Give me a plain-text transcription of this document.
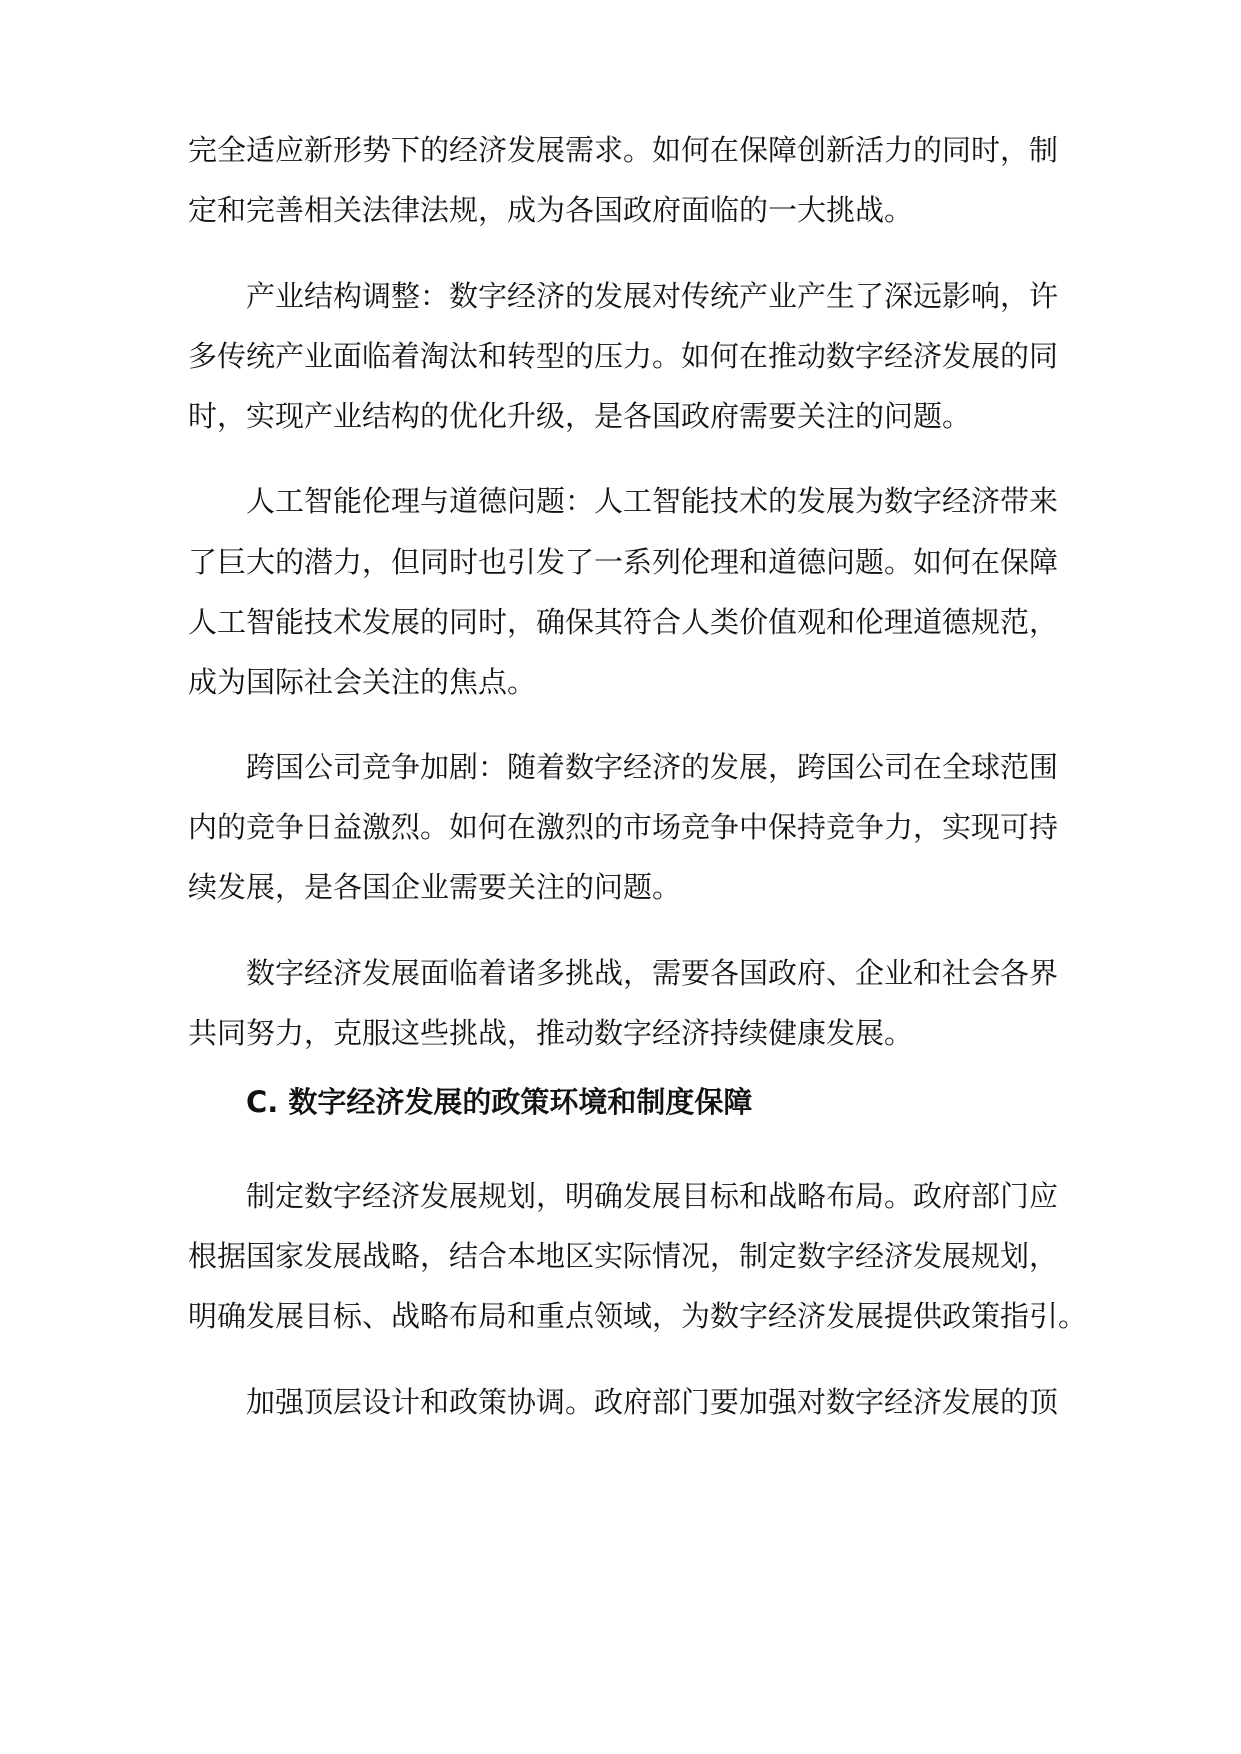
完全适应新形势下的经济发展需求。如何在保障创新活力的同时，制
定和完善相关法律法规，成为各国政府面临的一大挑战。
产业结构调整：数字经济的发展对传统产业产生了深远影响，许
多传统产业面临着淘汰和转型的压力。如何在推动数字经济发展的同
时，实现产业结构的优化升级，是各国政府需要关注的问题。
人工智能伦理与道德问题：人工智能技术的发展为数字经济带来
了巨大的潜力，但同时也引发了一系列伦理和道德问题。如何在保障
人工智能技术发展的同时，确保其符合人类价值观和伦理道德规范，
成为国际社会关注的焦点。
跨国公司竞争加剧：随着数字经济的发展，跨国公司在全球范围
内的竞争日益激烈。如何在激烈的市场竞争中保持竞争力，实现可持
续发展，是各国企业需要关注的问题。
数字经济发展面临着诸多挑战，需要各国政府、企业和社会各界
共同努力，克服这些挑战，推动数字经济持续健康发展。
C. 数字经济发展的政策环境和制度保障
制定数字经济发展规划，明确发展目标和战略布局。政府部门应
根据国家发展战略，结合本地区实际情况，制定数字经济发展规划，
明确发展目标、战略布局和重点领域，为数字经济发展提供政策指引。
加强顶层设计和政策协调。政府部门要加强对数字经济发展的顶
